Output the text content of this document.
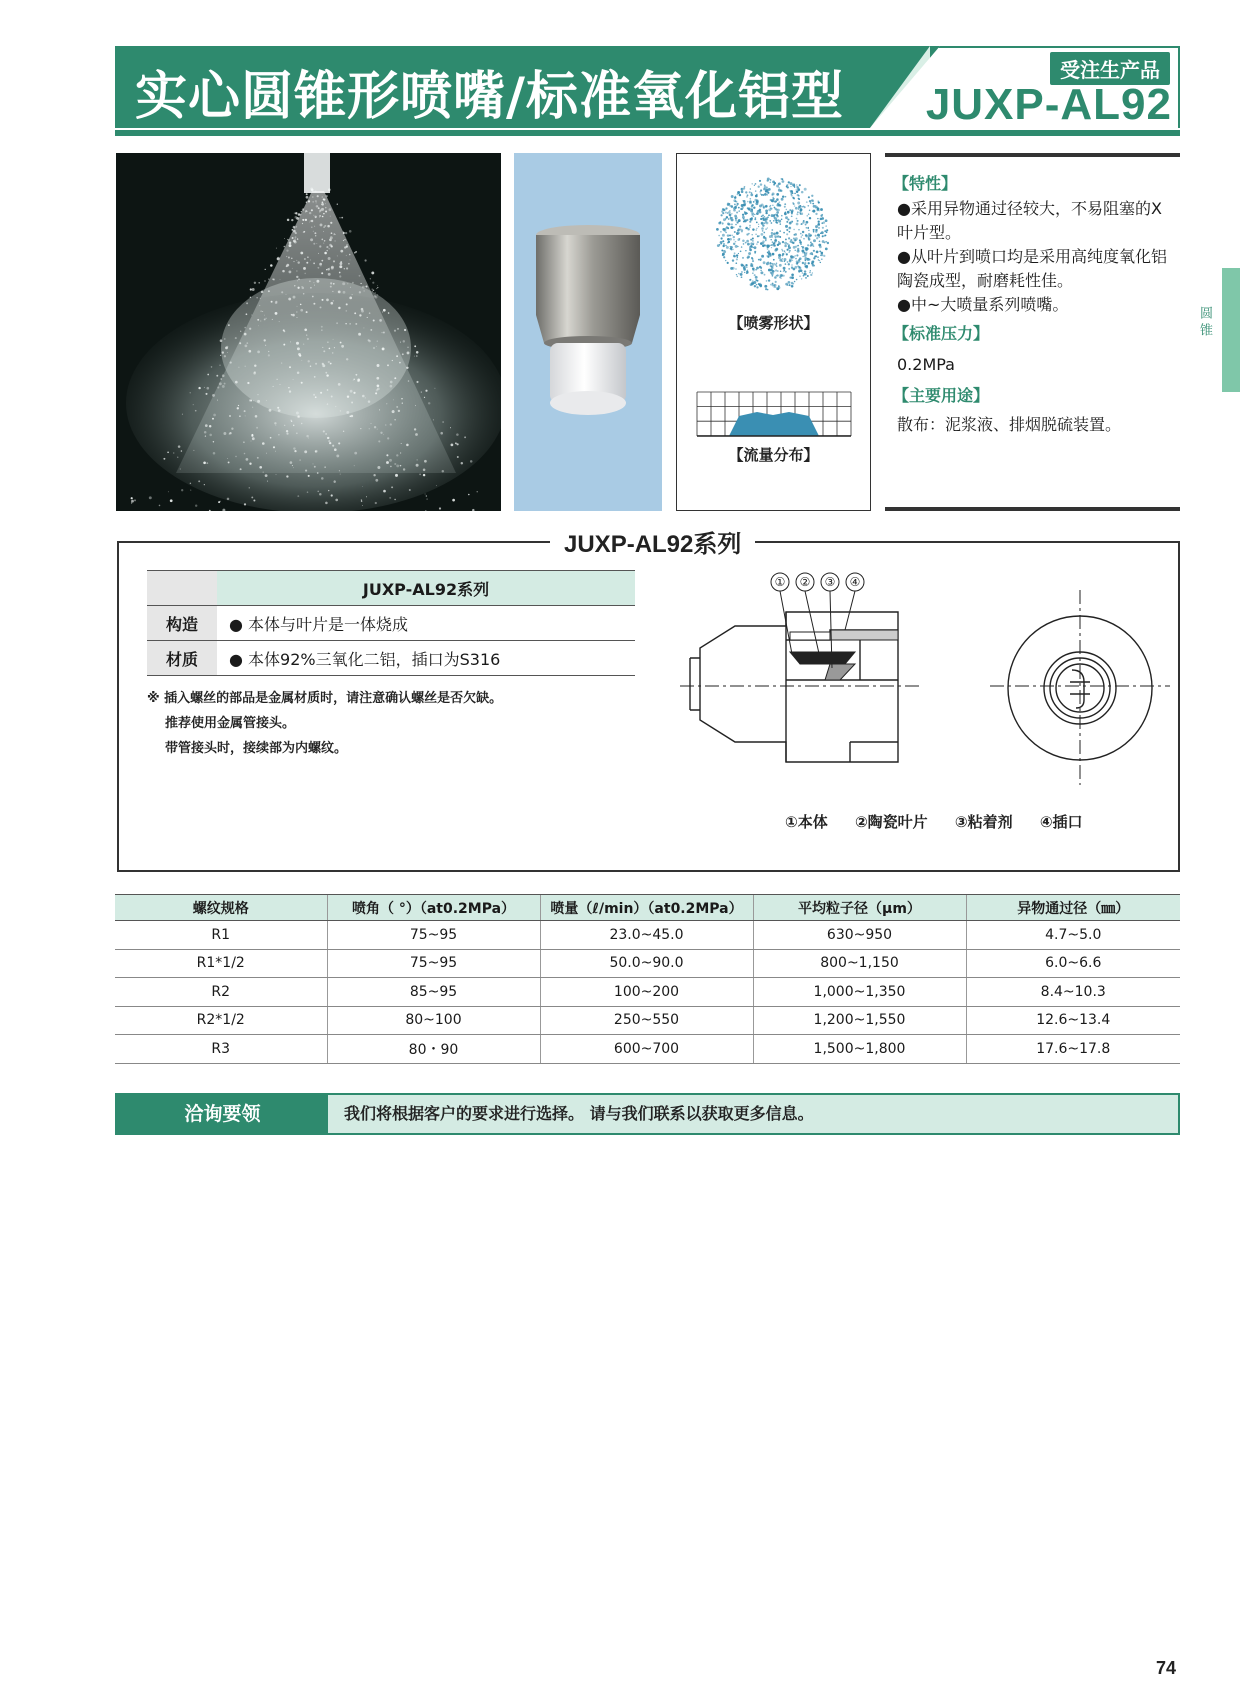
实心圆锥形喷嘴/标准氧化铝型	受注生产品
JUXP-AL92
【喷雾形状】
【流量分布】
【特性】
●采用异物通过径较大，不易阻塞的X叶片型。
●从叶片到喷口均是采用高纯度氧化铝陶瓷成型，耐磨耗性佳。
●中~大喷量系列喷嘴。
【标准压力】
0.2MPa
【主要用途】
散布：泥浆液、排烟脱硫装置。
圆 锥
JUXP-AL92系列
	JUXP-AL92系列
构造	● 本体与叶片是一体烧成
材质	● 本体92%三氧化二铝，插口为S316
※ 插入螺丝的部品是金属材质时，请注意确认螺丝是否欠缺。
推荐使用金属管接头。
带管接头时，接续部为内螺纹。
① ② ③ ④
①本体 ②陶瓷叶片 ③粘着剂 ④插口
螺纹规格	喷角（ °）（at0.2MPa）	喷量（ℓ/min）（at0.2MPa）	平均粒子径（μm）	异物通过径（㎜）
R1	75~95	23.0~45.0	630~950	4.7~5.0
R1*1/2	75~95	50.0~90.0	800~1,150	6.0~6.6
R2	85~95	100~200	1,000~1,350	8.4~10.3
R2*1/2	80~100	250~550	1,200~1,550	12.6~13.4
R3	80・90	600~700	1,500~1,800	17.6~17.8
洽询要领	我们将根据客户的要求进行选择。 请与我们联系以获取更多信息。
74
